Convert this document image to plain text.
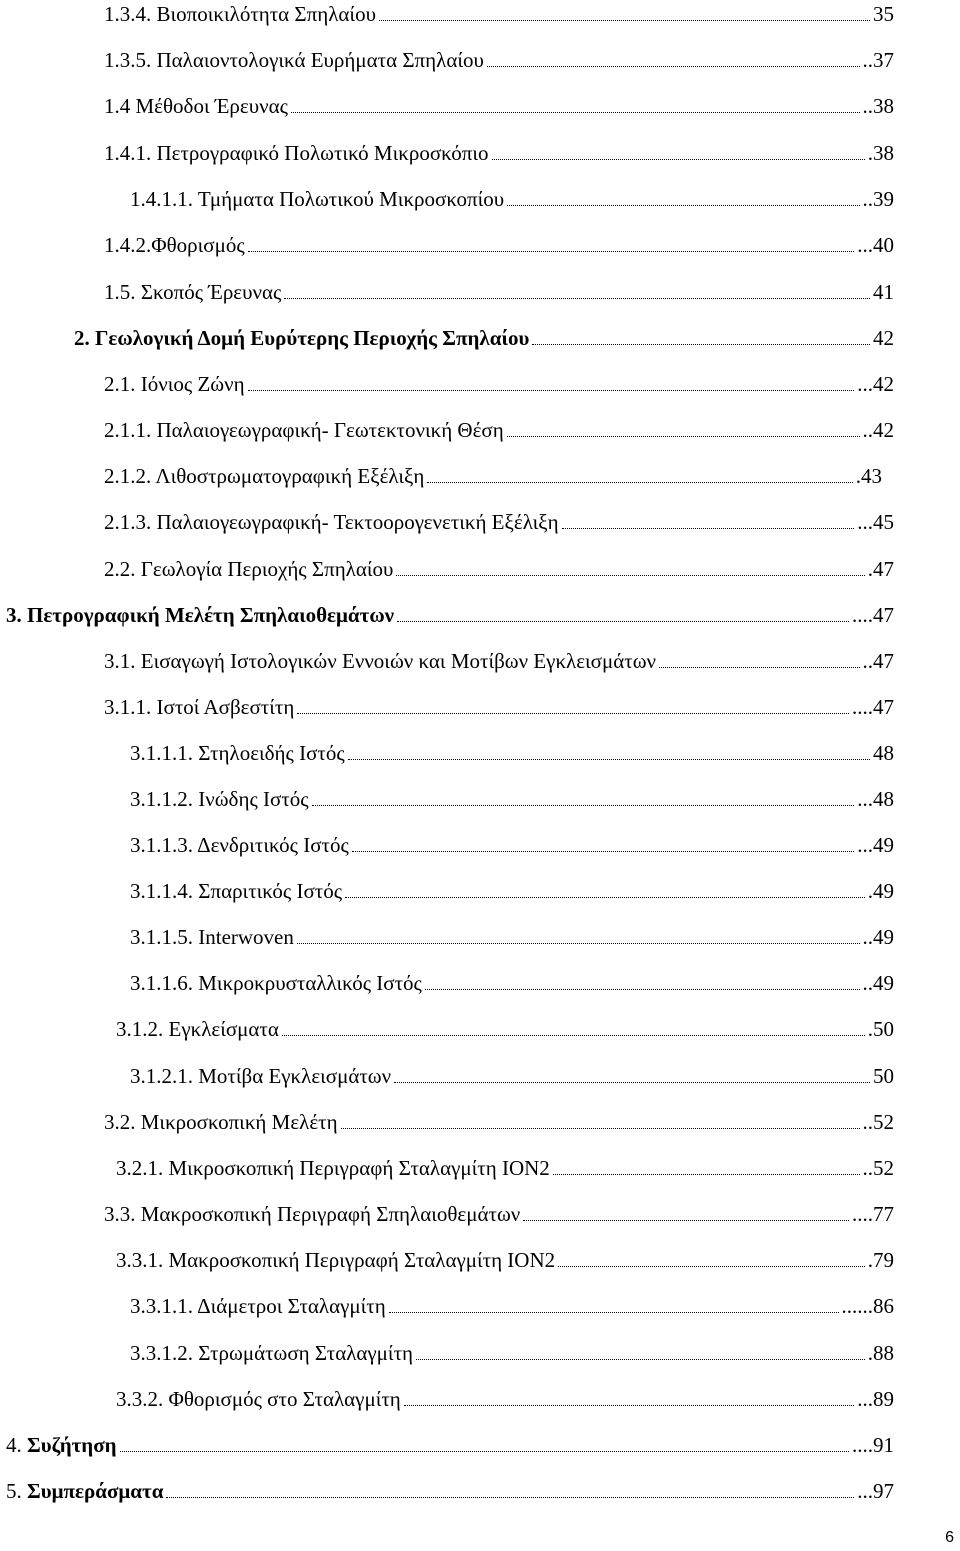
1.3.4. Βιοποικιλότητα Σπηλαίου	35
1.3.5. Παλαιοντολογικά Ευρήματα Σπηλαίου	..37
1.4 Μέθοδοι Έρευνας	..38
1.4.1. Πετρογραφικό Πολωτικό Μικροσκόπιο	.38
1.4.1.1. Τμήματα Πολωτικού Μικροσκοπίου	..39
1.4.2.Φθορισμός	...40
1.5. Σκοπός Έρευνας	41
2. Γεωλογική Δομή Ευρύτερης Περιοχής Σπηλαίου	42
2.1. Ιόνιος Ζώνη	...42
2.1.1. Παλαιογεωγραφική- Γεωτεκτονική Θέση	..42
2.1.2. Λιθοστρωματογραφική Εξέλιξη	.43
2.1.3. Παλαιογεωγραφική- Τεκτοορογενετική Εξέλιξη	...45
2.2. Γεωλογία Περιοχής Σπηλαίου	.47
3. Πετρογραφική Μελέτη Σπηλαιοθεμάτων	....47
3.1. Εισαγωγή Ιστολογικών Εννοιών και Μοτίβων Εγκλεισμάτων	..47
3.1.1. Ιστοί Ασβεστίτη	....47
3.1.1.1. Στηλοειδής Ιστός	48
3.1.1.2. Ινώδης Ιστός	...48
3.1.1.3. Δενδριτικός Ιστός	...49
3.1.1.4. Σπαριτικός Ιστός	.49
3.1.1.5. Interwoven	..49
3.1.1.6. Μικροκρυσταλλικός Ιστός	..49
3.1.2. Εγκλείσματα	.50
3.1.2.1. Μοτίβα Εγκλεισμάτων	50
3.2. Μικροσκοπική Μελέτη	..52
3.2.1. Μικροσκοπική Περιγραφή Σταλαγμίτη ΙΟΝ2	..52
3.3. Μακροσκοπική Περιγραφή Σπηλαιοθεμάτων	....77
3.3.1. Μακροσκοπική Περιγραφή Σταλαγμίτη ΙΟΝ2	.79
3.3.1.1. Διάμετροι Σταλαγμίτη	......86
3.3.1.2. Στρωμάτωση Σταλαγμίτη	.88
3.3.2. Φθορισμός στο Σταλαγμίτη	...89
4. Συζήτηση	....91
5. Συμπεράσματα	...97
6
